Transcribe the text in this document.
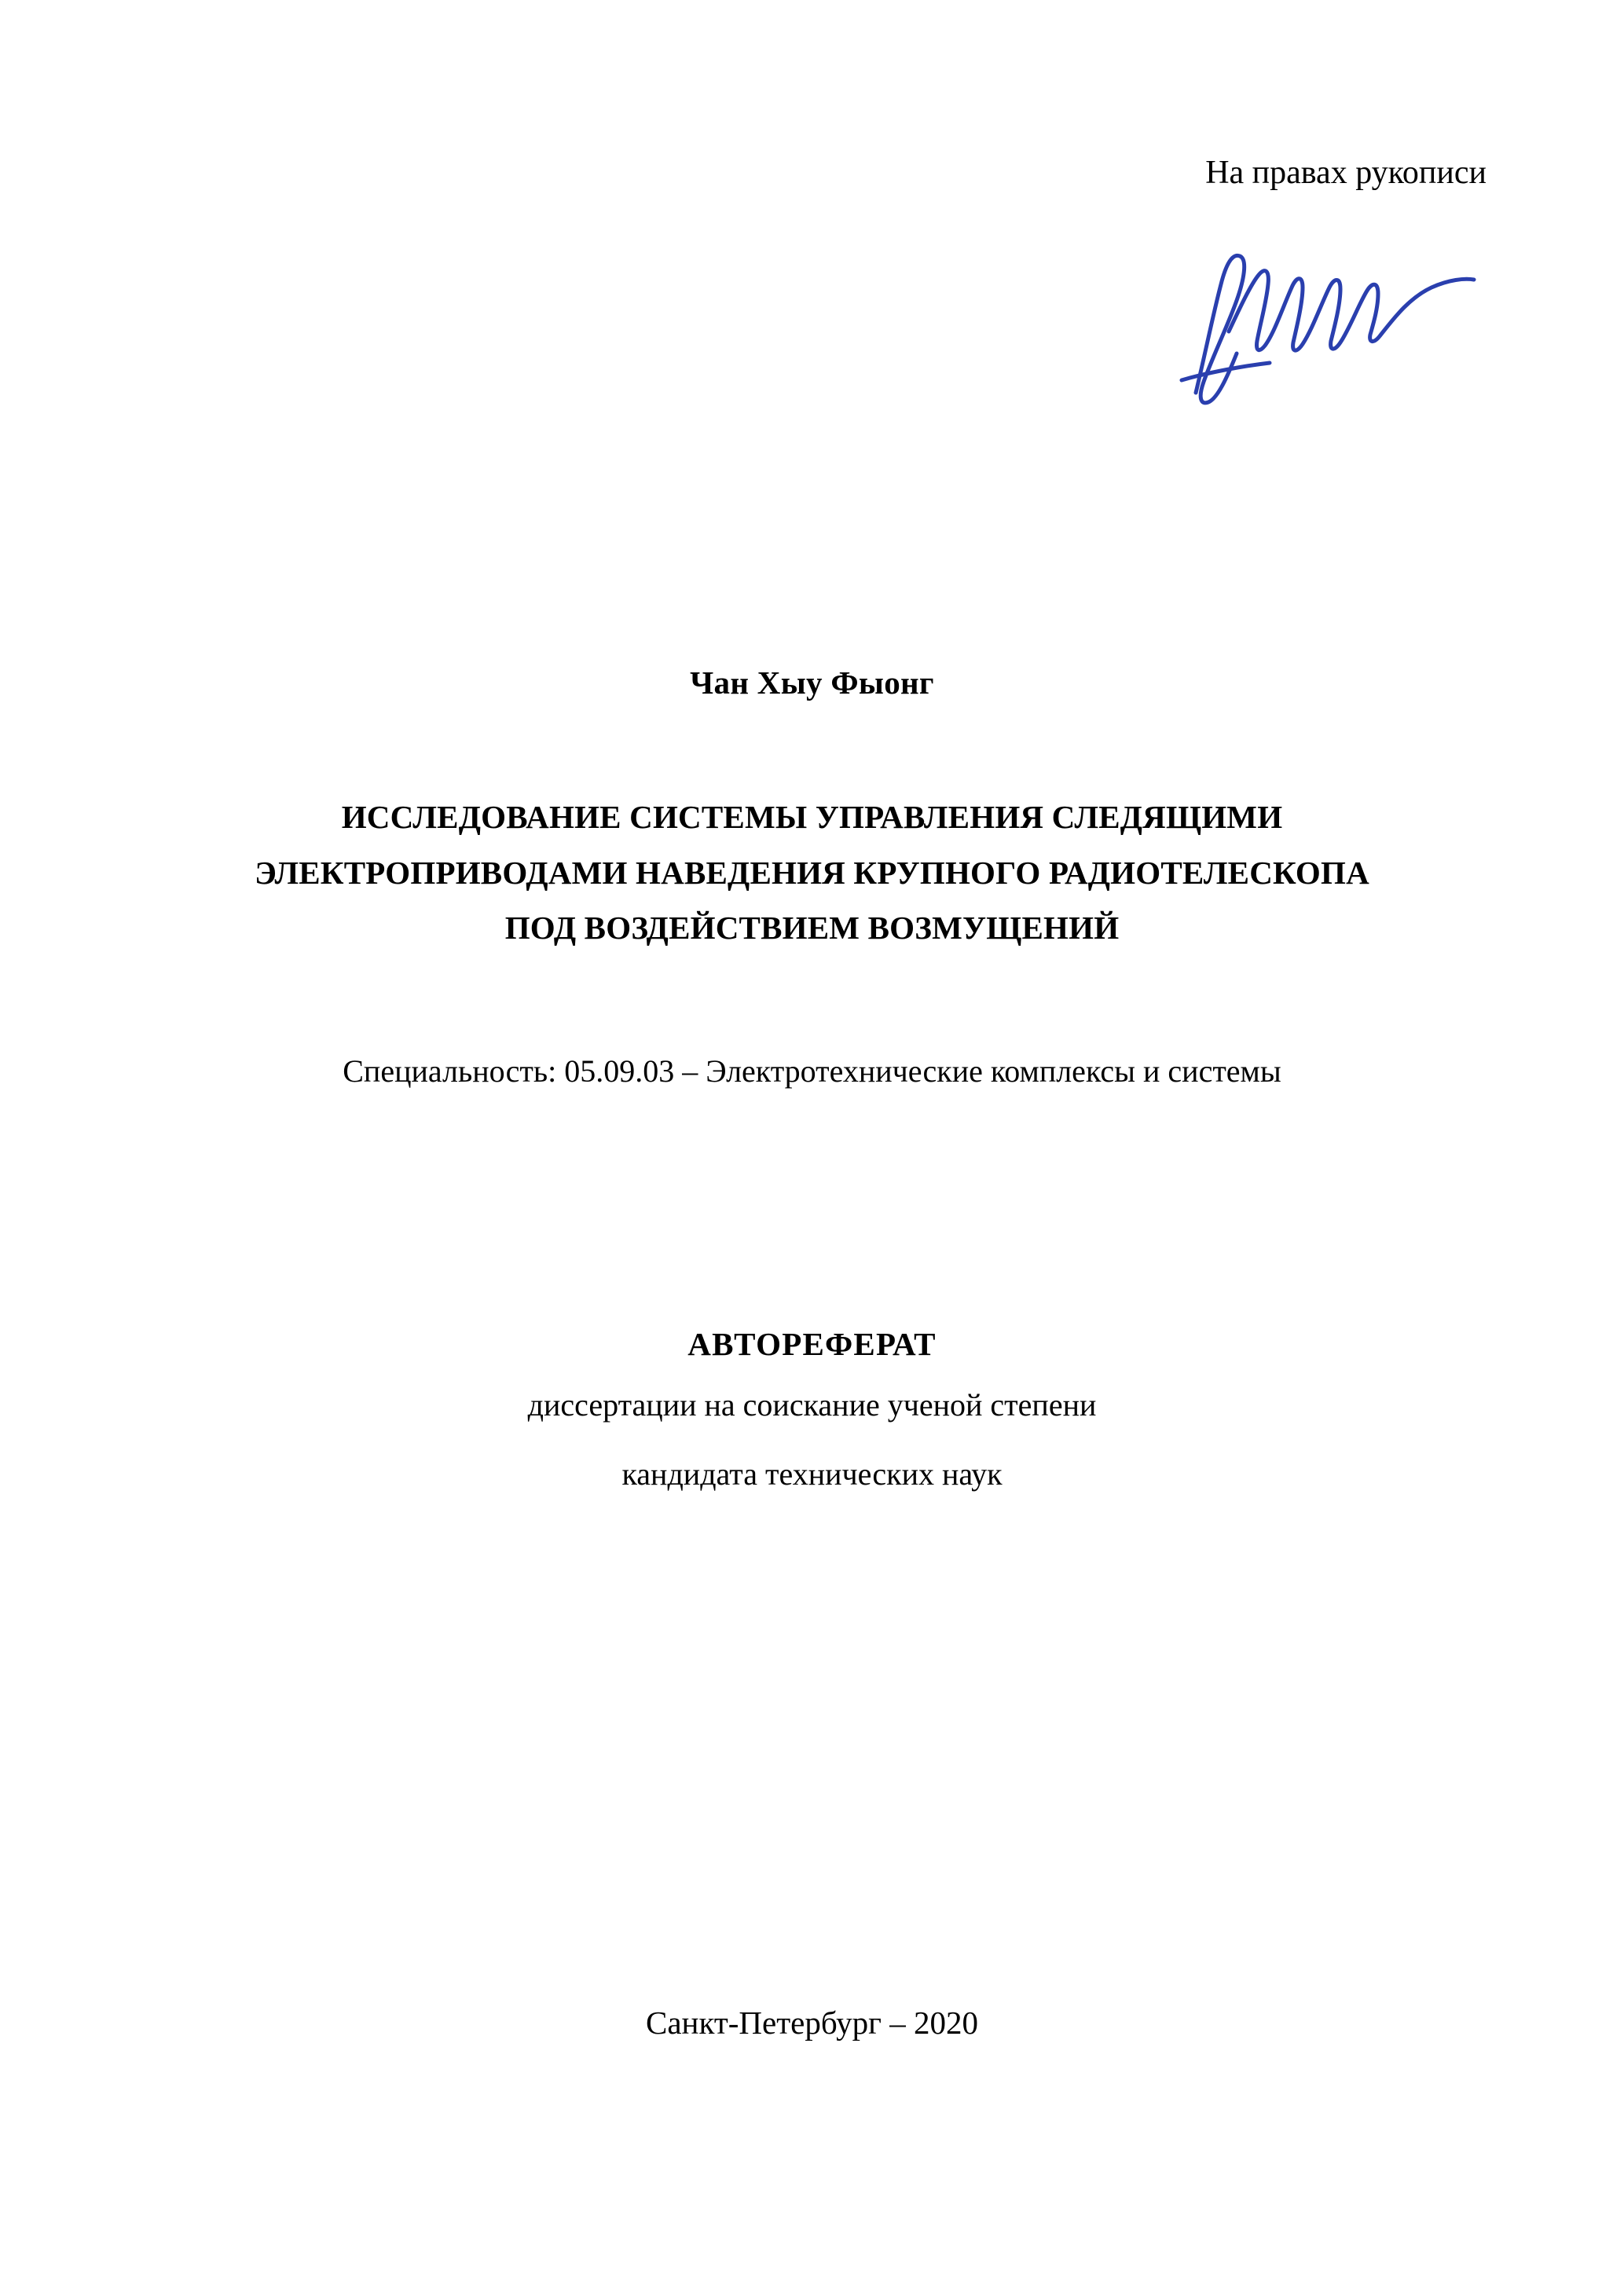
На правах рукописи
Чан Хыу Фыонг
ИССЛЕДОВАНИЕ СИСТЕМЫ УПРАВЛЕНИЯ СЛЕДЯЩИМИ
ЭЛЕКТРОПРИВОДАМИ НАВЕДЕНИЯ КРУПНОГО РАДИОТЕЛЕСКОПА
ПОД ВОЗДЕЙСТВИЕМ ВОЗМУЩЕНИЙ
Специальность: 05.09.03 – Электротехнические комплексы и системы
АВТОРЕФЕРАТ
диссертации на соискание ученой степени
кандидата технических наук
Санкт-Петербург – 2020
